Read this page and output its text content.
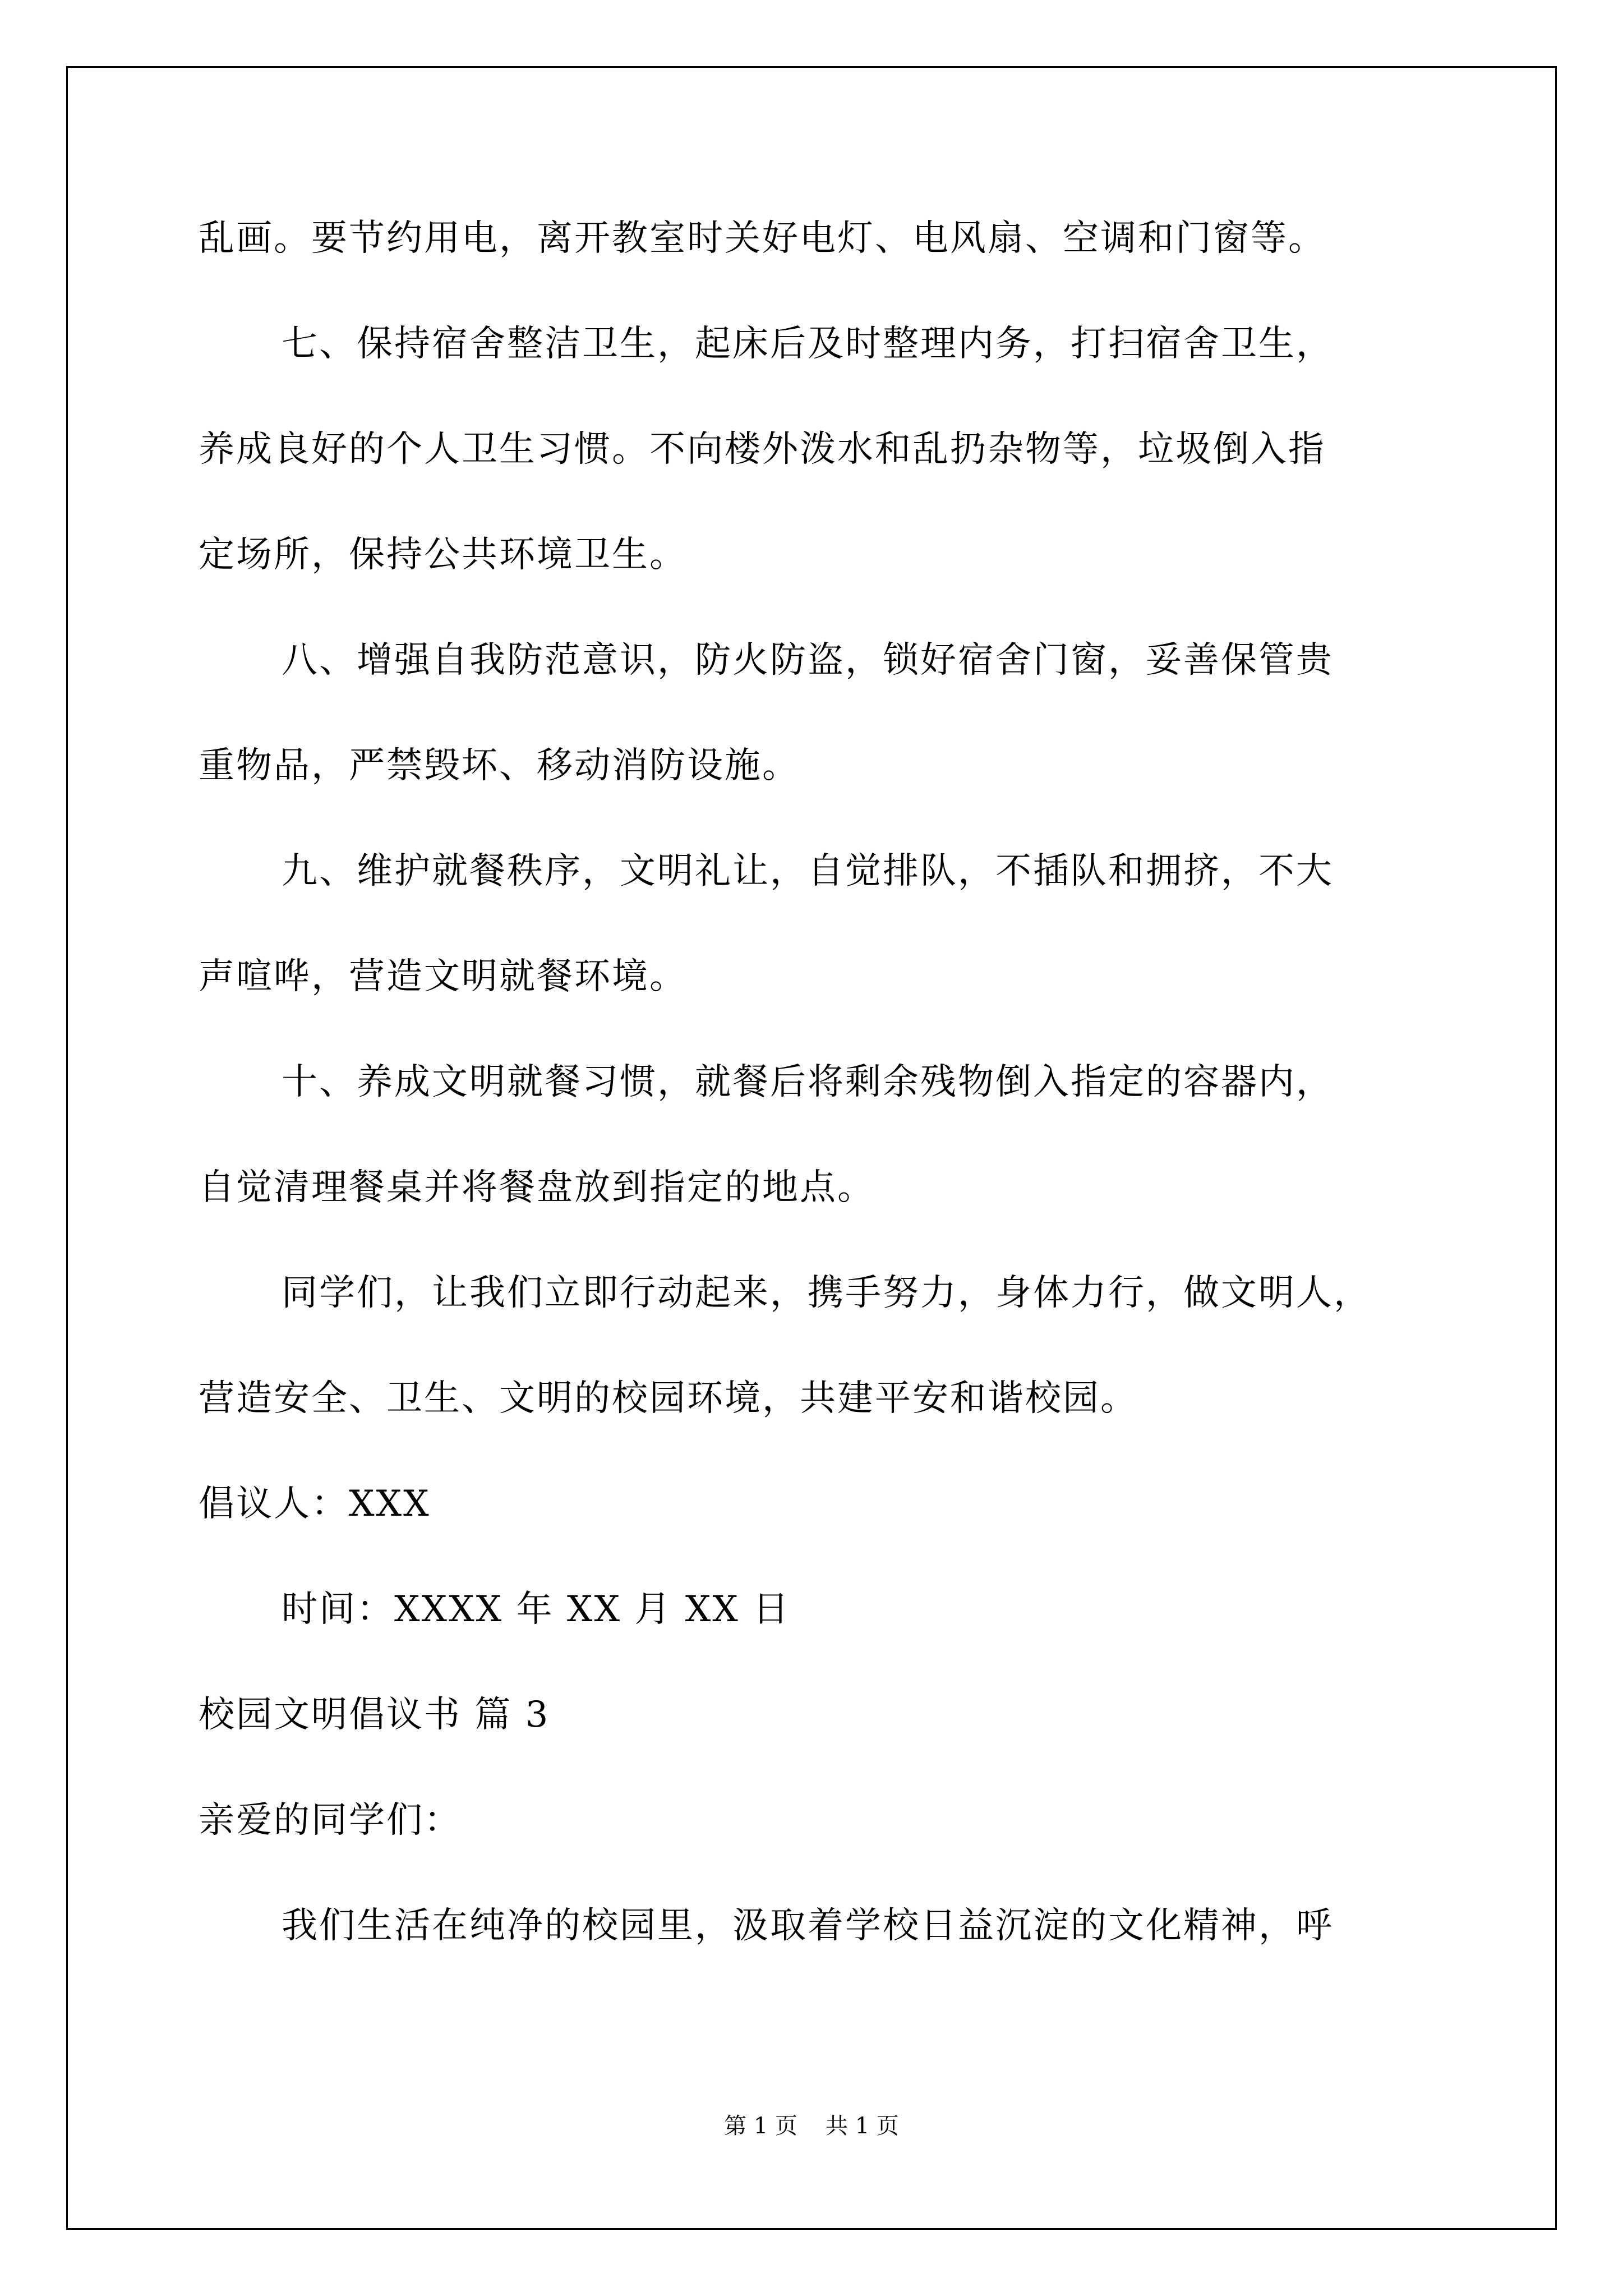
乱画。要节约用电，离开教室时关好电灯、电风扇、空调和门窗等。
七、保持宿舍整洁卫生，起床后及时整理内务，打扫宿舍卫生，
养成良好的个人卫生习惯。不向楼外泼水和乱扔杂物等，垃圾倒入指
定场所，保持公共环境卫生。
八、增强自我防范意识，防火防盗，锁好宿舍门窗，妥善保管贵
重物品，严禁毁坏、移动消防设施。
九、维护就餐秩序，文明礼让，自觉排队，不插队和拥挤，不大
声喧哗，营造文明就餐环境。
十、养成文明就餐习惯，就餐后将剩余残物倒入指定的容器内，
自觉清理餐桌并将餐盘放到指定的地点。
同学们，让我们立即行动起来，携手努力，身体力行，做文明人，
营造安全、卫生、文明的校园环境，共建平安和谐校园。
倡议人：XXX
时间：XXXX 年 XX 月 XX 日
校园文明倡议书 篇 3
亲爱的同学们：
我们生活在纯净的校园里，汲取着学校日益沉淀的文化精神，呼
第 1 页 共 1 页
